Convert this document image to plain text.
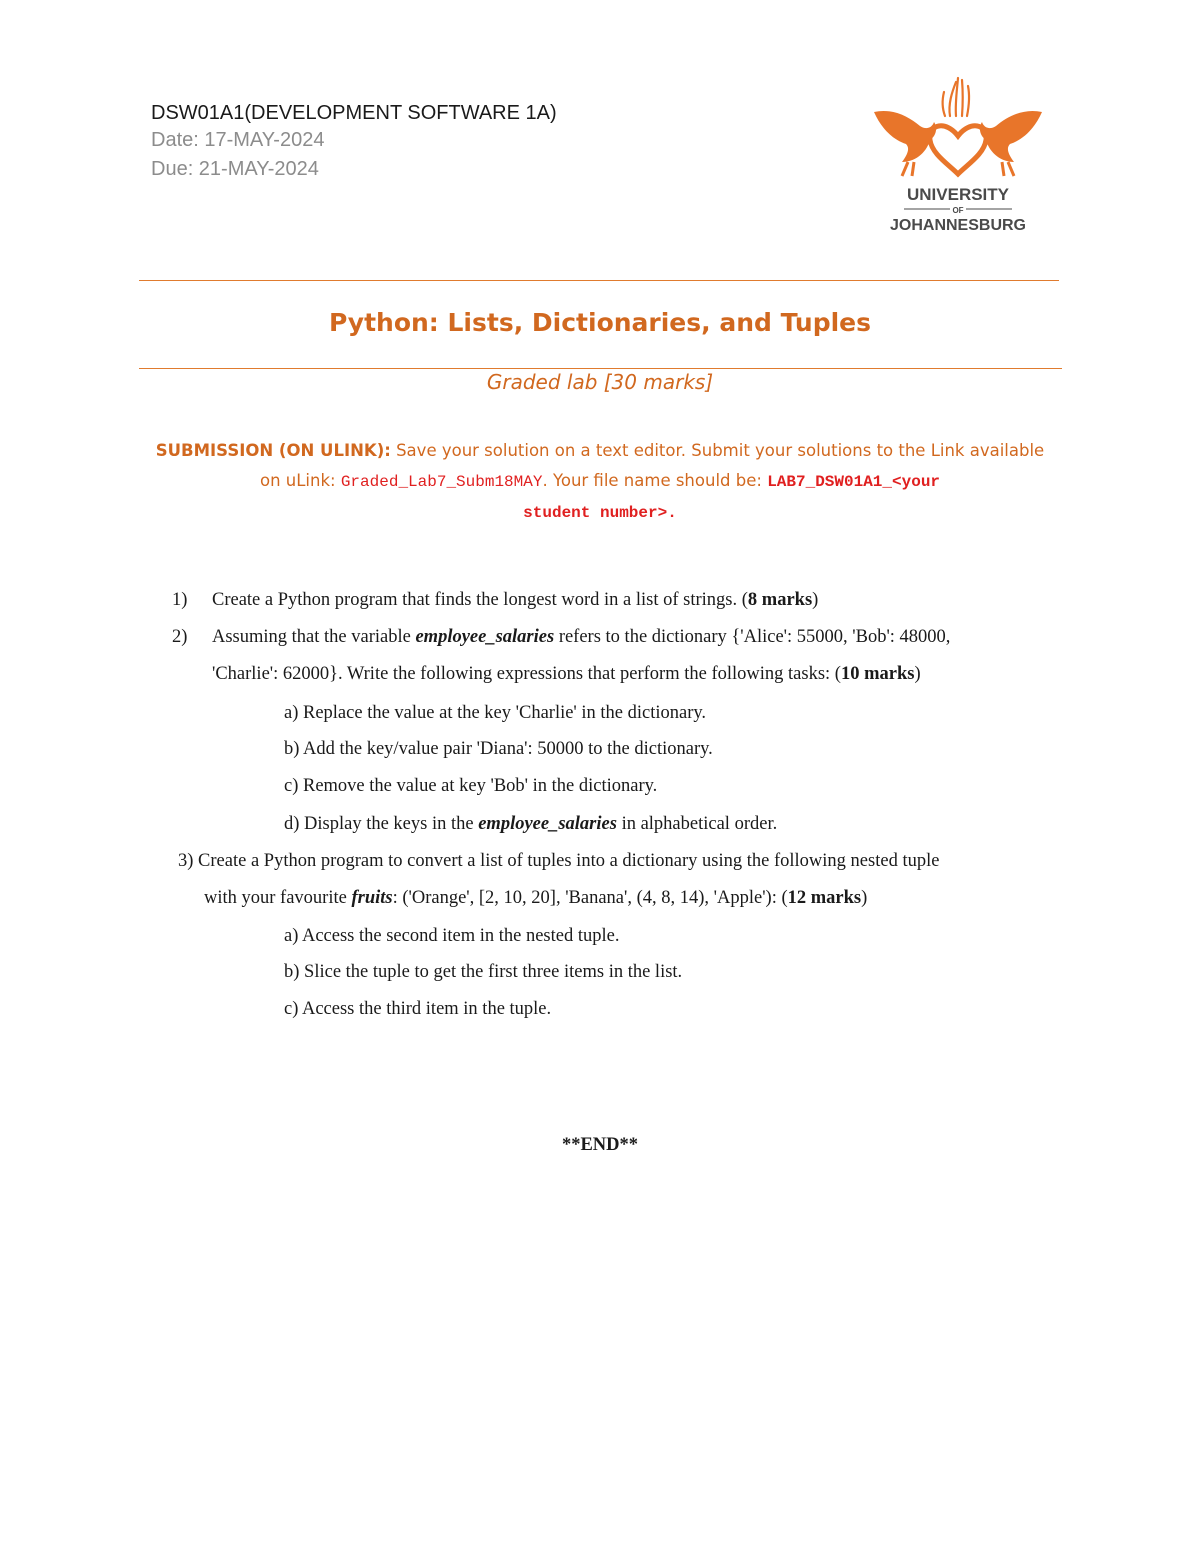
DSW01A1(DEVELOPMENT SOFTWARE 1A)
Date: 17-MAY-2024
Due: 21-MAY-2024
UNIVERSITY
OF
JOHANNESBURG
Python: Lists, Dictionaries, and Tuples
Graded lab [30 marks]
SUBMISSION (ON ULINK): Save your solution on a text editor. Submit your solutions to the Link available
on uLink: Graded_Lab7_Subm18MAY. Your file name should be: LAB7_DSW01A1_<your
student number>.
1) Create a Python program that finds the longest word in a list of strings. (8 marks)
2) Assuming that the variable employee_salaries refers to the dictionary {'Alice': 55000, 'Bob': 48000,
'Charlie': 62000}. Write the following expressions that perform the following tasks: (10 marks)
a) Replace the value at the key 'Charlie' in the dictionary.
b) Add the key/value pair 'Diana': 50000 to the dictionary.
c) Remove the value at key 'Bob' in the dictionary.
d) Display the keys in the employee_salaries in alphabetical order.
3) Create a Python program to convert a list of tuples into a dictionary using the following nested tuple
with your favourite fruits: ('Orange', [2, 10, 20], 'Banana', (4, 8, 14), 'Apple'): (12 marks)
a) Access the second item in the nested tuple.
b) Slice the tuple to get the first three items in the list.
c) Access the third item in the tuple.
**END**
